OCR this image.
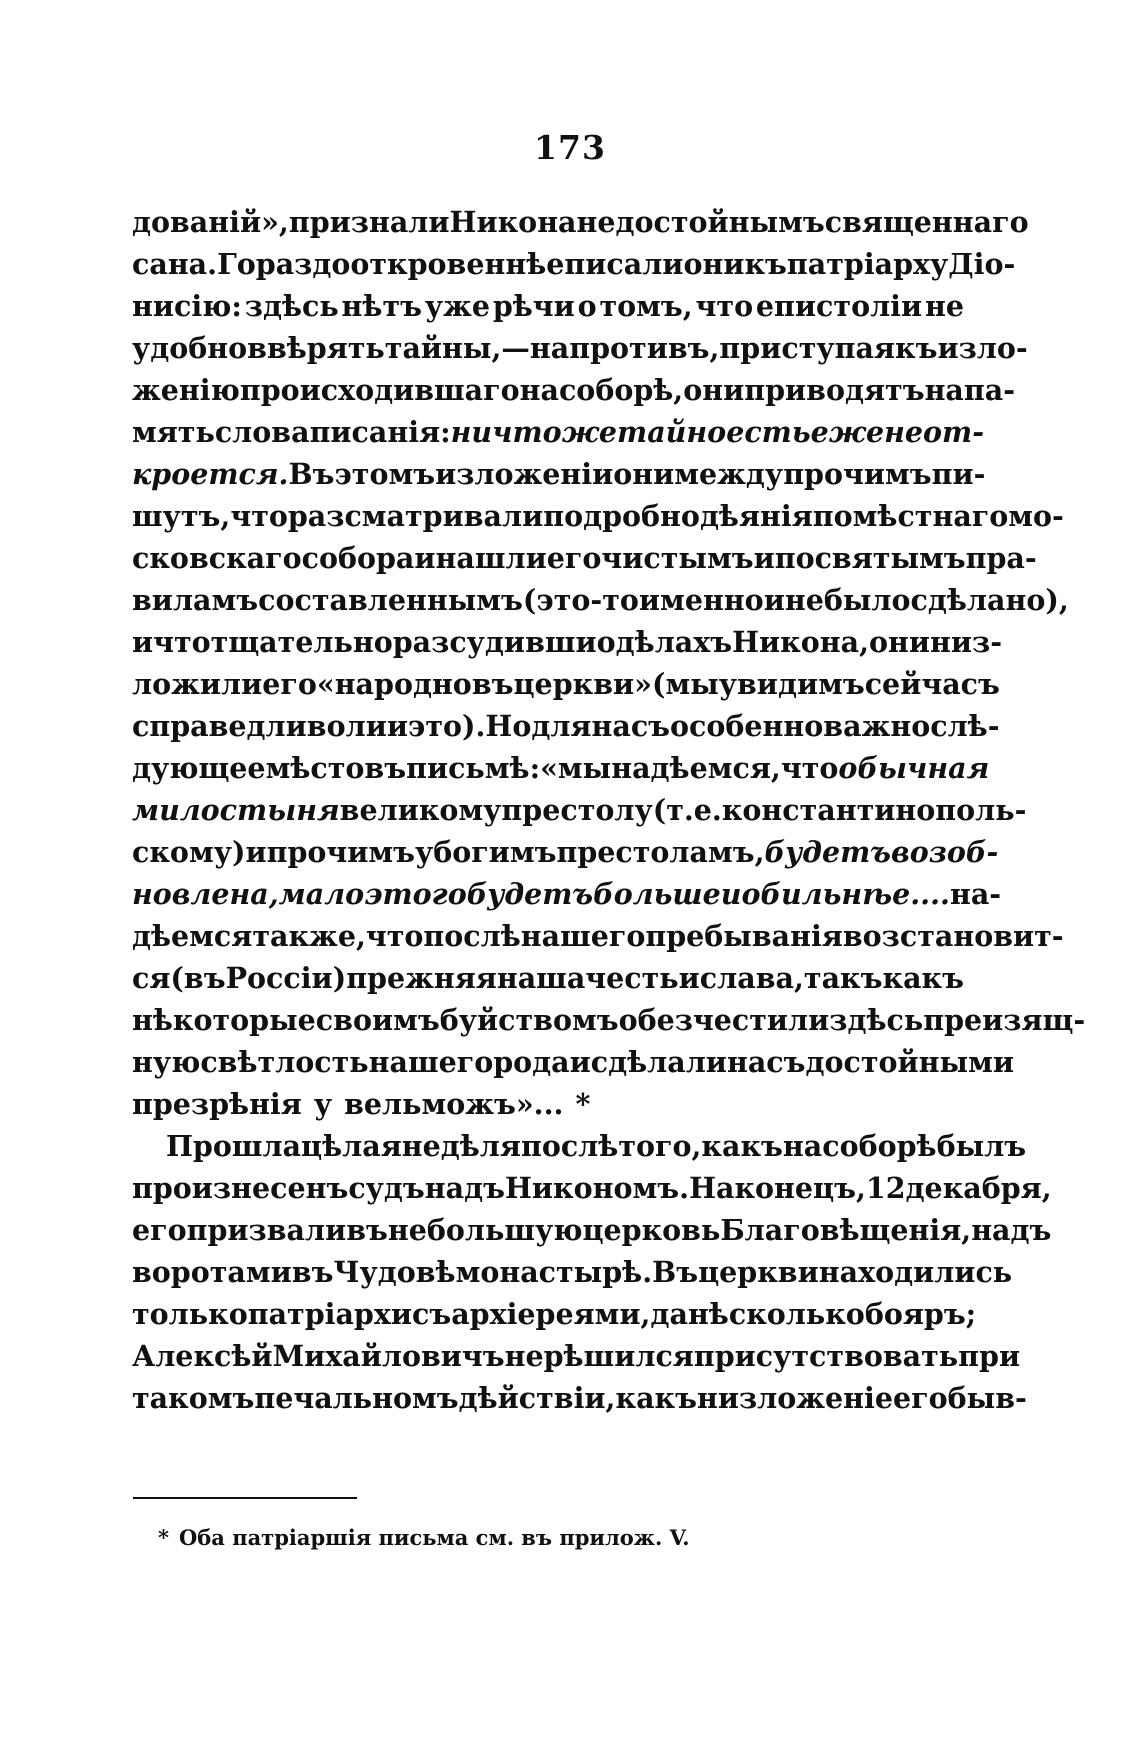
173
дованій», признали Никона недостойнымъ священнаго
сана. Гораздо откровеннѣе писали они къ патріарху Діо-
нисію: здѣсь нѣтъ уже рѣчи о томъ, что епистоліи не
удобно ввѣрять тайны, — напротивъ, приступая къ изло-
женію происходившаго на соборѣ, они приводятъ на па-
мять слова писанія: ничтоже тайно есть еже не от-
кроется. Въ этомъ изложеніи они между прочимъ пи-
шутъ, что разсматривали подробно дѣянія помѣстнаго мо-
сковскаго собора и нашли его чистымъ и по святымъ пра-
виламъ составленнымъ (это-то именно и не было сдѣлано),
и что тщательно разсудивши о дѣлахъ Никона, они низ-
ложили его «народно въ церкви» (мы увидимъ сейчасъ
справедливо ли и это). Но для насъ особенно важно слѣ-
дующее мѣсто въ письмѣ: «мы надѣемся, что обычная
милостыня великому престолу (т. е. константинополь-
скому) и прочимъ убогимъ престоламъ, будетъ возоб-
новлена, мало этого будетъ больше и обильнѣе.... на-
дѣемся также, что послѣ нашего пребыванія возстановит-
ся (въ Россіи) прежняя наша честь и слава, такъ какъ
нѣкоторые своимъ буйствомъ обезчестили здѣсь преизящ-
ную свѣтлость нашего рода и сдѣлали насъ достойными
презрѣнія у вельможъ»... *
Прошла цѣлая недѣля послѣ того, какъ на соборѣ былъ
произнесенъ судъ надъ Никономъ. Наконецъ, 12 декабря,
его призвали въ небольшую церковь Благовѣщенія, надъ
воротами въ Чудовѣ монастырѣ. Въ церкви находились
только патріархи съ архіереями, да нѣсколько бояръ;
Алексѣй Михайловичъ не рѣшился присутствовать при
такомъ печальномъ дѣйствіи, какъ низложеніе его быв-
* Оба патріаршія письма см. въ прилож. V.
